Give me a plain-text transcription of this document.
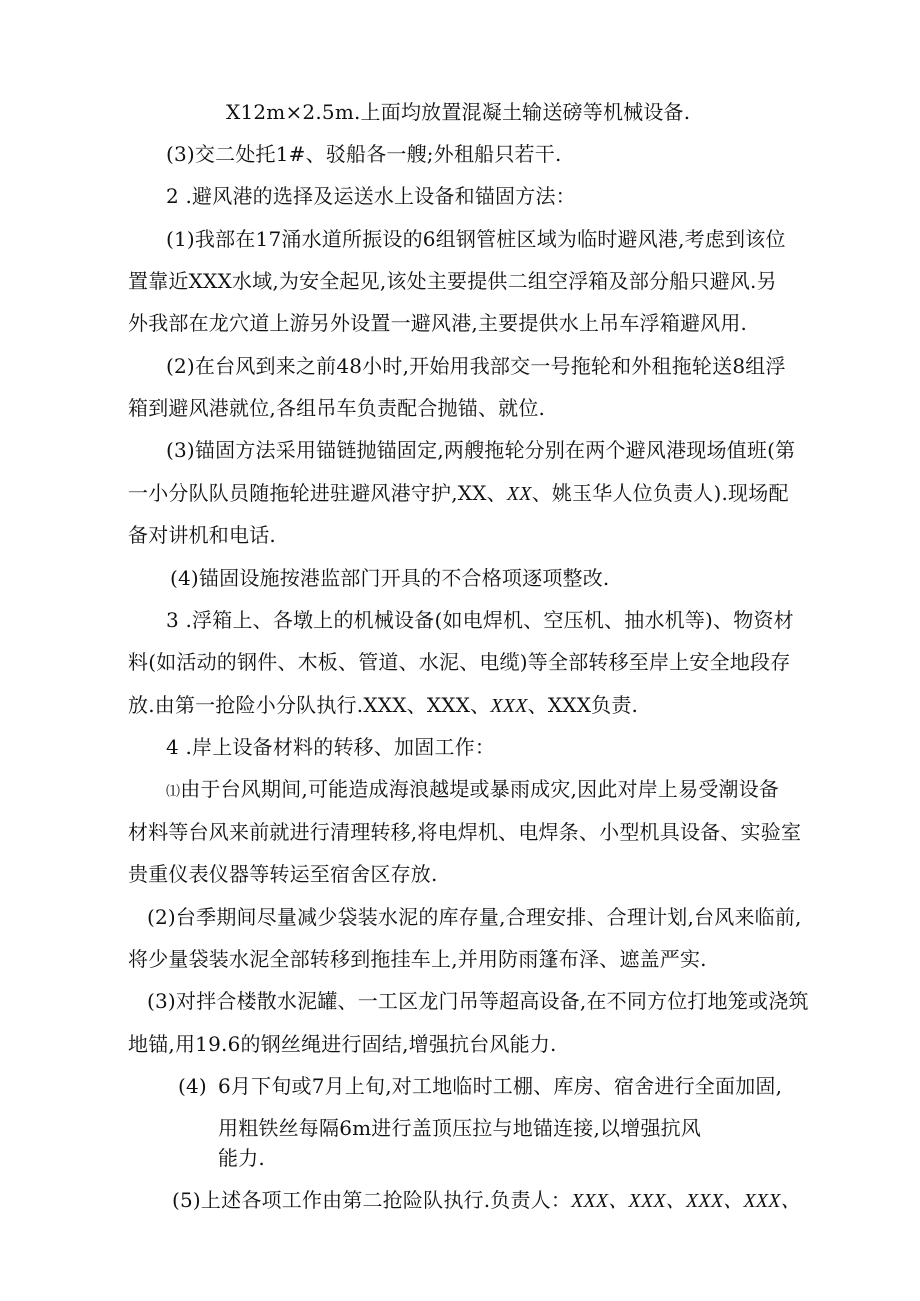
X12m×2.5m.上面均放置混凝土输送磅等机械设备.

(3)交二处托1#、驳船各一艘;外租船只若干.

2 .避风港的选择及运送水上设备和锚固方法：

(1)我部在17涌水道所振设的6组钢管桩区域为临时避风港,考虑到该位

置靠近XXX水域,为安全起见,该处主要提供二组空浮箱及部分船只避风.另

外我部在龙穴道上游另外设置一避风港,主要提供水上吊车浮箱避风用.

(2)在台风到来之前48小时,开始用我部交一号拖轮和外租拖轮送8组浮

箱到避风港就位,各组吊车负责配合抛锚、就位.

(3)锚固方法采用锚链抛锚固定,两艘拖轮分别在两个避风港现场值班(第

一小分队队员随拖轮进驻避风港守护,XX、XX、姚玉华人位负责人).现场配

备对讲机和电话.

(4)锚固设施按港监部门开具的不合格项逐项整改.

3 .浮箱上、各墩上的机械设备(如电焊机、空压机、抽水机等)、物资材

料(如活动的钢件、木板、管道、水泥、电缆)等全部转移至岸上安全地段存

放.由第一抢险小分队执行.XXX、XXX、XXX、XXX负责.

4 .岸上设备材料的转移、加固工作：

⑴由于台风期间,可能造成海浪越堤或暴雨成灾,因此对岸上易受潮设备

材料等台风来前就进行清理转移,将电焊机、电焊条、小型机具设备、实验室

贵重仪表仪器等转运至宿舍区存放.

(2)台季期间尽量减少袋装水泥的库存量,合理安排、合理计划,台风来临前,

将少量袋装水泥全部转移到拖挂车上,并用防雨篷布泽、遮盖严实.

(3)对拌合楼散水泥罐、一工区龙门吊等超高设备,在不同方位打地笼或浇筑

地锚,用19.6的钢丝绳进行固结,增强抗台风能力.

(4) 6月下旬或7月上旬,对工地临时工棚、库房、宿舍进行全面加固,

用粗铁丝每隔6m进行盖顶压拉与地锚连接,以增强抗风

能力.

(5)上述各项工作由第二抢险队执行.负责人：XXX、XXX、XXX、XXX、
